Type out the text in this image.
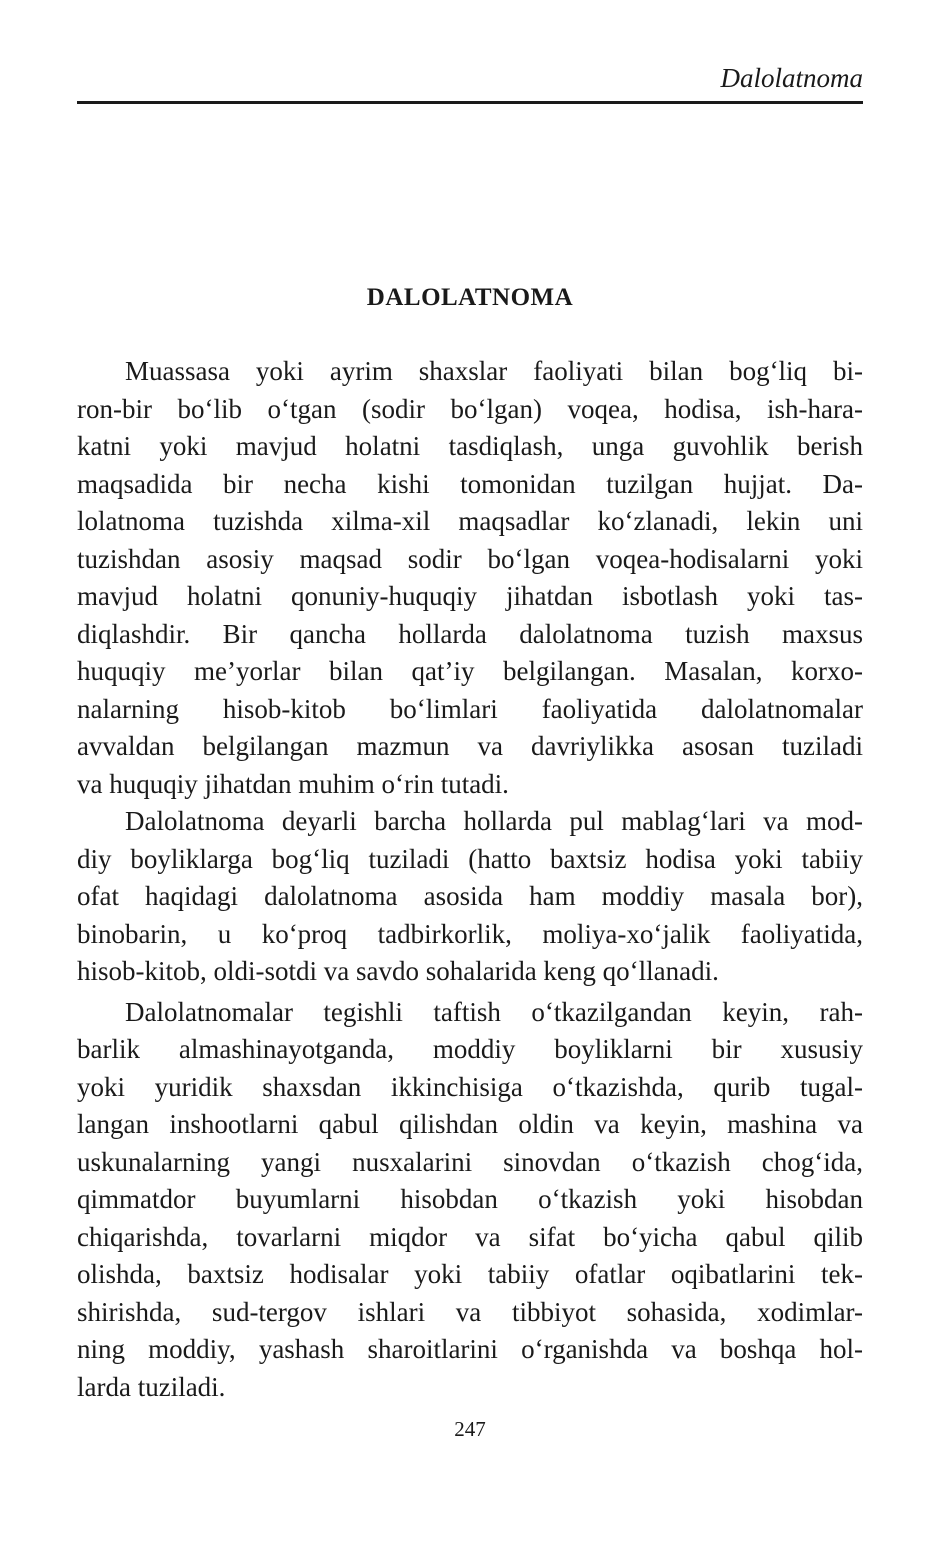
Dalolatnoma
DALOLATNOMA
Muassasa yoki ayrim shaxslar faoliyati bilan bog‘liq bi-
ron-bir bo‘lib o‘tgan (sodir bo‘lgan) voqea, hodisa, ish-hara-
katni yoki mavjud holatni tasdiqlash, unga guvohlik berish
maqsadida bir necha kishi tomonidan tuzilgan hujjat. Da-
lolatnoma tuzishda xilma-xil maqsadlar ko‘zlanadi, lekin uni
tuzishdan asosiy maqsad sodir bo‘lgan voqea-hodisalarni yoki
mavjud holatni qonuniy-huquqiy jihatdan isbotlash yoki tas-
diqlashdir. Bir qancha hollarda dalolatnoma tuzish maxsus
huquqiy me’yorlar bilan qat’iy belgilangan. Masalan, korxo-
nalarning hisob-kitob bo‘limlari faoliyatida dalolatnomalar
avvaldan belgilangan mazmun va davriylikka asosan tuziladi
va huquqiy jihatdan muhim o‘rin tutadi.
Dalolatnoma deyarli barcha hollarda pul mablag‘lari va mod-
diy boyliklarga bog‘liq tuziladi (hatto baxtsiz hodisa yoki tabiiy
ofat haqidagi dalolatnoma asosida ham moddiy masala bor),
binobarin, u ko‘proq tadbirkorlik, moliya-xo‘jalik faoliyatida,
hisob-kitob, oldi-sotdi va savdo sohalarida keng qo‘llanadi.
Dalolatnomalar tegishli taftish o‘tkazilgandan keyin, rah-
barlik almashinayotganda, moddiy boyliklarni bir xususiy
yoki yuridik shaxsdan ikkinchisiga o‘tkazishda, qurib tugal-
langan inshootlarni qabul qilishdan oldin va keyin, mashina va
uskunalarning yangi nusxalarini sinovdan o‘tkazish chog‘ida,
qimmatdor buyumlarni hisobdan o‘tkazish yoki hisobdan
chiqarishda, tovarlarni miqdor va sifat bo‘yicha qabul qilib
olishda, baxtsiz hodisalar yoki tabiiy ofatlar oqibatlarini tek-
shirishda, sud-tergov ishlari va tibbiyot sohasida, xodimlar-
ning moddiy, yashash sharoitlarini o‘rganishda va boshqa hol-
larda tuziladi.
247
